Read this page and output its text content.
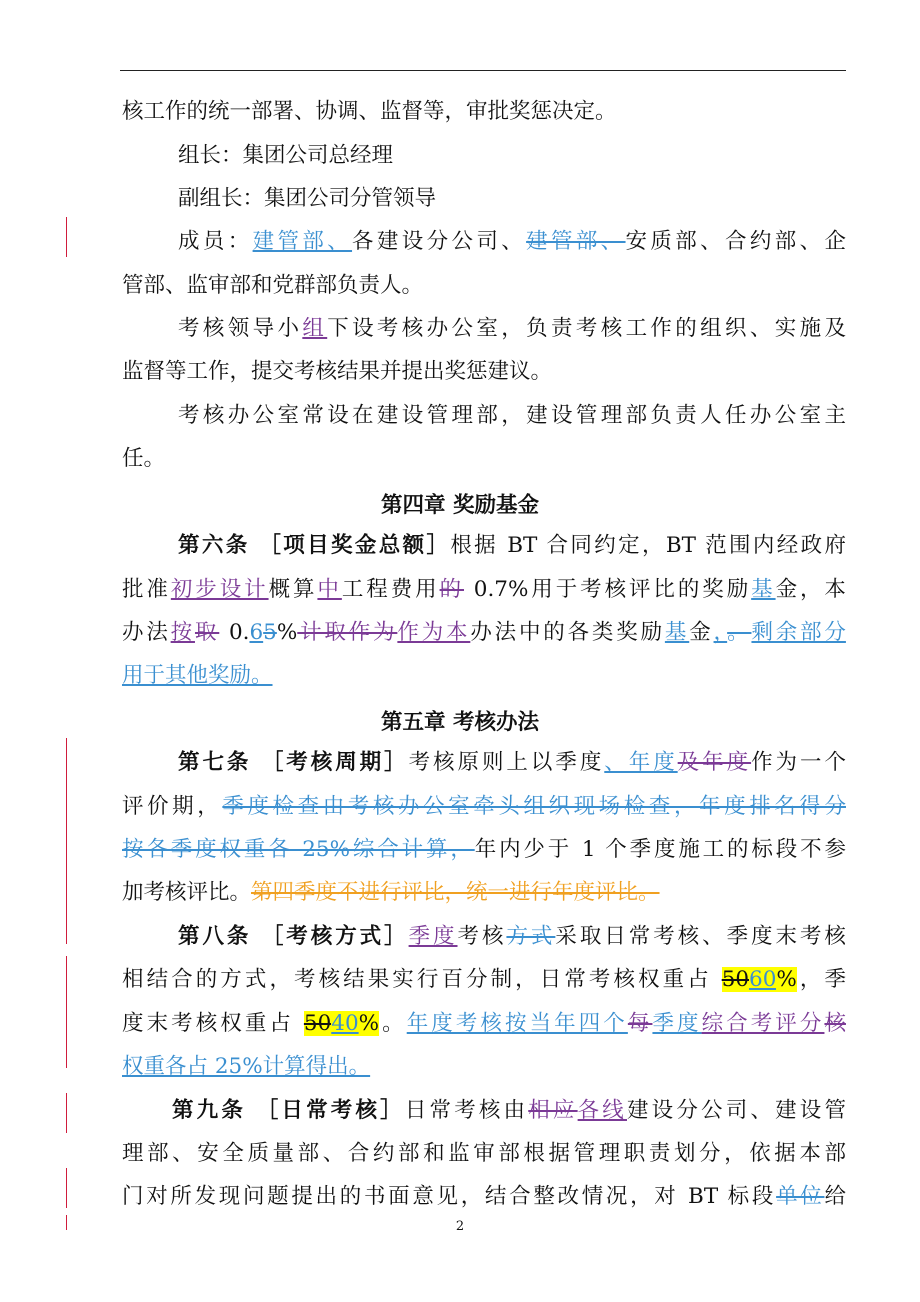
核工作的统一部署、协调、监督等，审批奖惩决定。
组长：集团公司总经理
副组长：集团公司分管领导
成员：建管部、各建设分公司、建管部、安质部、合约部、企
管部、监审部和党群部负责人。
考核领导小组下设考核办公室，负责考核工作的组织、实施及
监督等工作，提交考核结果并提出奖惩建议。
考核办公室常设在建设管理部，建设管理部负责人任办公室主
任。
第四章 奖励基金
第六条 ［项目奖金总额］根据 BT 合同约定，BT 范围内经政府
批准初步设计概算中工程费用的 0.7%用于考核评比的奖励基金，本
办法按取 0.65%计取作为作为本办法中的各类奖励基金，。剩余部分
用于其他奖励。
第五章 考核办法
第七条 ［考核周期］考核原则上以季度、年度及年度作为一个
评价期，季度检查由考核办公室牵头组织现场检查，年度排名得分
按各季度权重各 25%综合计算，年内少于 1 个季度施工的标段不参
加考核评比。第四季度不进行评比，统一进行年度评比。
第八条 ［考核方式］季度考核方式采取日常考核、季度末考核
相结合的方式，考核结果实行百分制，日常考核权重占 5060%，季
度末考核权重占 5040%。年度考核按当年四个每季度综合考评分核
权重各占 25%计算得出。
第九条 ［日常考核］日常考核由相应各线建设分公司、建设管
理部、安全质量部、合约部和监审部根据管理职责划分，依据本部
门对所发现问题提出的书面意见，结合整改情况，对 BT 标段单位给
2
